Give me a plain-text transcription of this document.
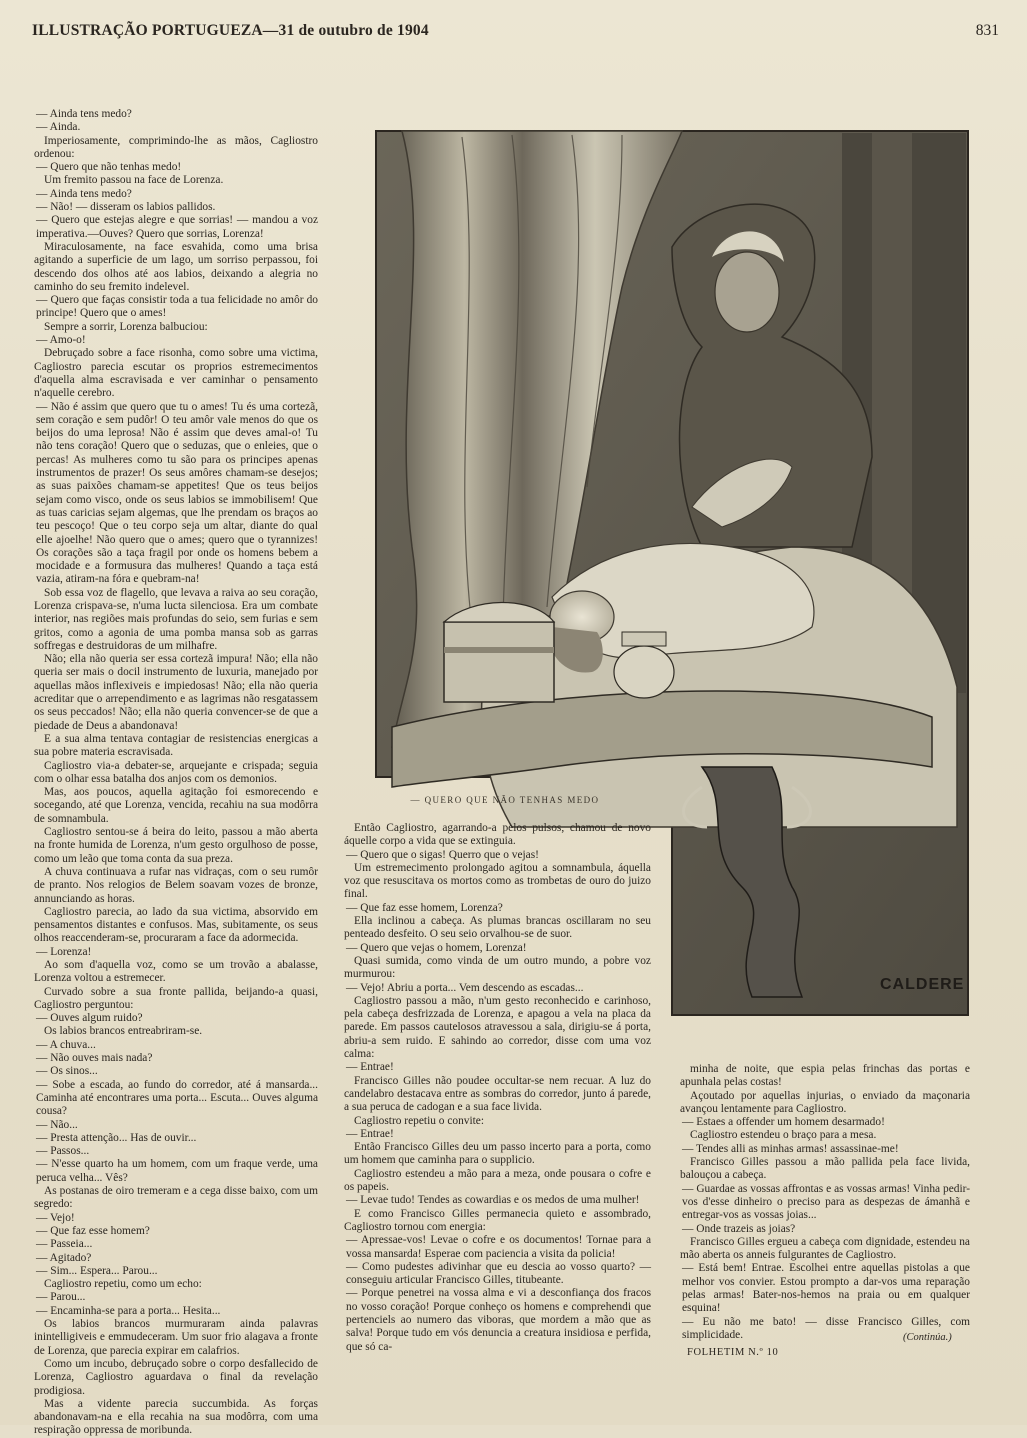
ILLUSTRAÇÃO PORTUGUEZA—31 de outubro de 1904	831

— Ainda tens medo?

— Ainda.

Imperiosamente, comprimindo-lhe as mãos, Cagliostro ordenou:

— Quero que não tenhas medo!

Um fremito passou na face de Lorenza.

— Ainda tens medo?

— Não! — disseram os labios pallidos.

— Quero que estejas alegre e que sorrias! — mandou a voz imperativa.—Ouves? Quero que sorrias, Lorenza!

Miraculosamente, na face esvahida, como uma brisa agitando a superficie de um lago, um sorriso perpassou, foi descendo dos olhos até aos labios, deixando a alegria no caminho do seu fremito indelevel.

— Quero que faças consistir toda a tua felicidade no amôr do principe! Quero que o ames!

Sempre a sorrir, Lorenza balbuciou:

— Amo-o!

Debruçado sobre a face risonha, como sobre uma victima, Cagliostro parecia escutar os proprios estremecimentos d'aquella alma escravisada e ver caminhar o pensamento n'aquelle cerebro.

— Não é assim que quero que tu o ames! Tu és uma cortezã, sem coração e sem pudôr! O teu amôr vale menos do que os beijos do uma leprosa! Não é assim que deves amal-o! Tu não tens coração! Quero que o seduzas, que o enleies, que o percas! As mulheres como tu são para os principes apenas instrumentos de prazer! Os seus amôres chamam-se desejos; as suas paixões chamam-se appetites! Que os teus beijos sejam como visco, onde os seus labios se immobilisem! Que as tuas caricias sejam algemas, que lhe prendam os braços ao teu pescoço! Que o teu corpo seja um altar, diante do qual elle ajoelhe! Não quero que o ames; quero que o tyrannizes! Os corações são a taça fragil por onde os homens bebem a mocidade e a formusura das mulheres! Quando a taça está vazia, atiram-na fóra e quebram-na!

Sob essa voz de flagello, que levava a raiva ao seu coração, Lorenza crispava-se, n'uma lucta silenciosa. Era um combate interior, nas regiões mais profundas do seio, sem furias e sem gritos, como a agonia de uma pomba mansa sob as garras soffregas e destruidoras de um milhafre.

Não; ella não queria ser essa cortezã impura! Não; ella não queria ser mais o docil instrumento de luxuria, manejado por aquellas mãos inflexiveis e impiedosas! Não; ella não queria acreditar que o arrependimento e as lagrimas não resgatassem os seus peccados! Não; ella não queria convencer-se de que a piedade de Deus a abandonava!

E a sua alma tentava contagiar de resistencias energicas a sua pobre materia escravisada.

Cagliostro via-a debater-se, arquejante e crispada; seguia com o olhar essa batalha dos anjos com os demonios.

Mas, aos poucos, aquella agitação foi esmorecendo e socegando, até que Lorenza, vencida, recahiu na sua modôrra de somnambula.

Cagliostro sentou-se á beira do leito, passou a mão aberta na fronte humida de Lorenza, n'um gesto orgulhoso de posse, como um leão que toma conta da sua preza.

A chuva continuava a rufar nas vidraças, com o seu rumôr de pranto. Nos relogios de Belem soavam vozes de bronze, annunciando as horas.

Cagliostro parecia, ao lado da sua victima, absorvido em pensamentos distantes e confusos. Mas, subitamente, os seus olhos reaccenderam-se, procuraram a face da adormecida.

— Lorenza!

Ao som d'aquella voz, como se um trovão a abalasse, Lorenza voltou a estremecer.

Curvado sobre a sua fronte pallida, beijando-a quasi, Cagliostro perguntou:

— Ouves algum ruido?

Os labios brancos entreabriram-se.

— A chuva...

— Não ouves mais nada?

— Os sinos...

— Sobe a escada, ao fundo do corredor, até á mansarda... Caminha até encontrares uma porta... Escuta... Ouves alguma cousa?

— Não...

— Presta attenção... Has de ouvir...

— Passos...

— N'esse quarto ha um homem, com um fraque verde, uma peruca velha... Vês?

As postanas de oiro tremeram e a cega disse baixo, com um segredo:

— Vejo!

— Que faz esse homem?

— Passeia...

— Agitado?

— Sim... Espera... Parou...

Cagliostro repetiu, como um echo:

— Parou...

— Encaminha-se para a porta... Hesita...

Os labios brancos murmuraram ainda palavras inintelligiveis e emmudeceram. Um suor frio alagava a fronte de Lorenza, que parecia expirar em calafrios.

Como um incubo, debruçado sobre o corpo desfallecido de Lorenza, Cagliostro aguardava o final da revelação prodigiosa.

Mas a vidente parecia succumbida. As forças abandonavam-na e ella recahia na sua modôrra, com uma respiração oppressa de moribunda.

CALDERE
— QUERO QUE NÃO TENHAS MEDO

Então Cagliostro, agarrando-a pelos pulsos, chamou de novo áquelle corpo a vida que se extinguia.

— Quero que o sigas! Querro que o vejas!

Um estremecimento prolongado agitou a somnambula, áquella voz que resuscitava os mortos como as trombetas de ouro do juizo final.

— Que faz esse homem, Lorenza?

Ella inclinou a cabeça. As plumas brancas oscillaram no seu penteado desfeito. O seu seio orvalhou-se de suor.

— Quero que vejas o homem, Lorenza!

Quasi sumida, como vinda de um outro mundo, a pobre voz murmurou:

— Vejo! Abriu a porta... Vem descendo as escadas...

Cagliostro passou a mão, n'um gesto reconhecido e carinhoso, pela cabeça desfrizzada de Lorenza, e apagou a vela na placa da parede. Em passos cautelosos atravessou a sala, dirigiu-se á porta, abriu-a sem ruido. E sahindo ao corredor, disse com uma voz calma:

— Entrae!

Francisco Gilles não poudee occultar-se nem recuar. A luz do candelabro destacava entre as sombras do corredor, junto á parede, a sua peruca de cadogan e a sua face livida.

Cagliostro repetiu o convite:

— Entrae!

Então Francisco Gilles deu um passo incerto para a porta, como um homem que caminha para o supplicio.

Cagliostro estendeu a mão para a meza, onde pousara o cofre e os papeis.

— Levae tudo! Tendes as cowardias e os medos de uma mulher!

E como Francisco Gilles permanecia quieto e assombrado, Cagliostro tornou com energia:

— Apressae-vos! Levae o cofre e os documentos! Tornae para a vossa mansarda! Esperae com paciencia a visita da policia!

— Como pudestes adivinhar que eu descia ao vosso quarto? — conseguiu articular Francisco Gilles, titubeante.

— Porque penetrei na vossa alma e vi a desconfiança dos fracos no vosso coração! Porque conheço os homens e comprehendi que pertenciels ao numero das viboras, que mordem a mão que as salva! Porque tudo em vós denuncia a creatura insidiosa e perfida, que só ca-

minha de noite, que espia pelas frinchas das portas e apunhala pelas costas!

Açoutado por aquellas injurias, o enviado da maçonaria avançou lentamente para Cagliostro.

— Estaes a offender um homem desarmado!

Cagliostro estendeu o braço para a mesa.

— Tendes alli as minhas armas! assassinae-me!

Francisco Gilles passou a mão pallida pela face livida, balouçou a cabeça.

— Guardae as vossas affrontas e as vossas armas! Vinha pedir-vos d'esse dinheiro o preciso para as despezas de ámanhã e entregar-vos as vossas joias...

— Onde trazeis as joias?

Francisco Gilles ergueu a cabeça com dignidade, estendeu na mão aberta os anneis fulgurantes de Cagliostro.

— Está bem! Entrae. Escolhei entre aquellas pistolas a que melhor vos convier. Estou prompto a dar-vos uma reparação pelas armas! Bater-nos-hemos na praia ou em qualquer esquina!

— Eu não me bato! — disse Francisco Gilles, com simplicidade.	(Continúa.)
FOLHETIM N.º 10
